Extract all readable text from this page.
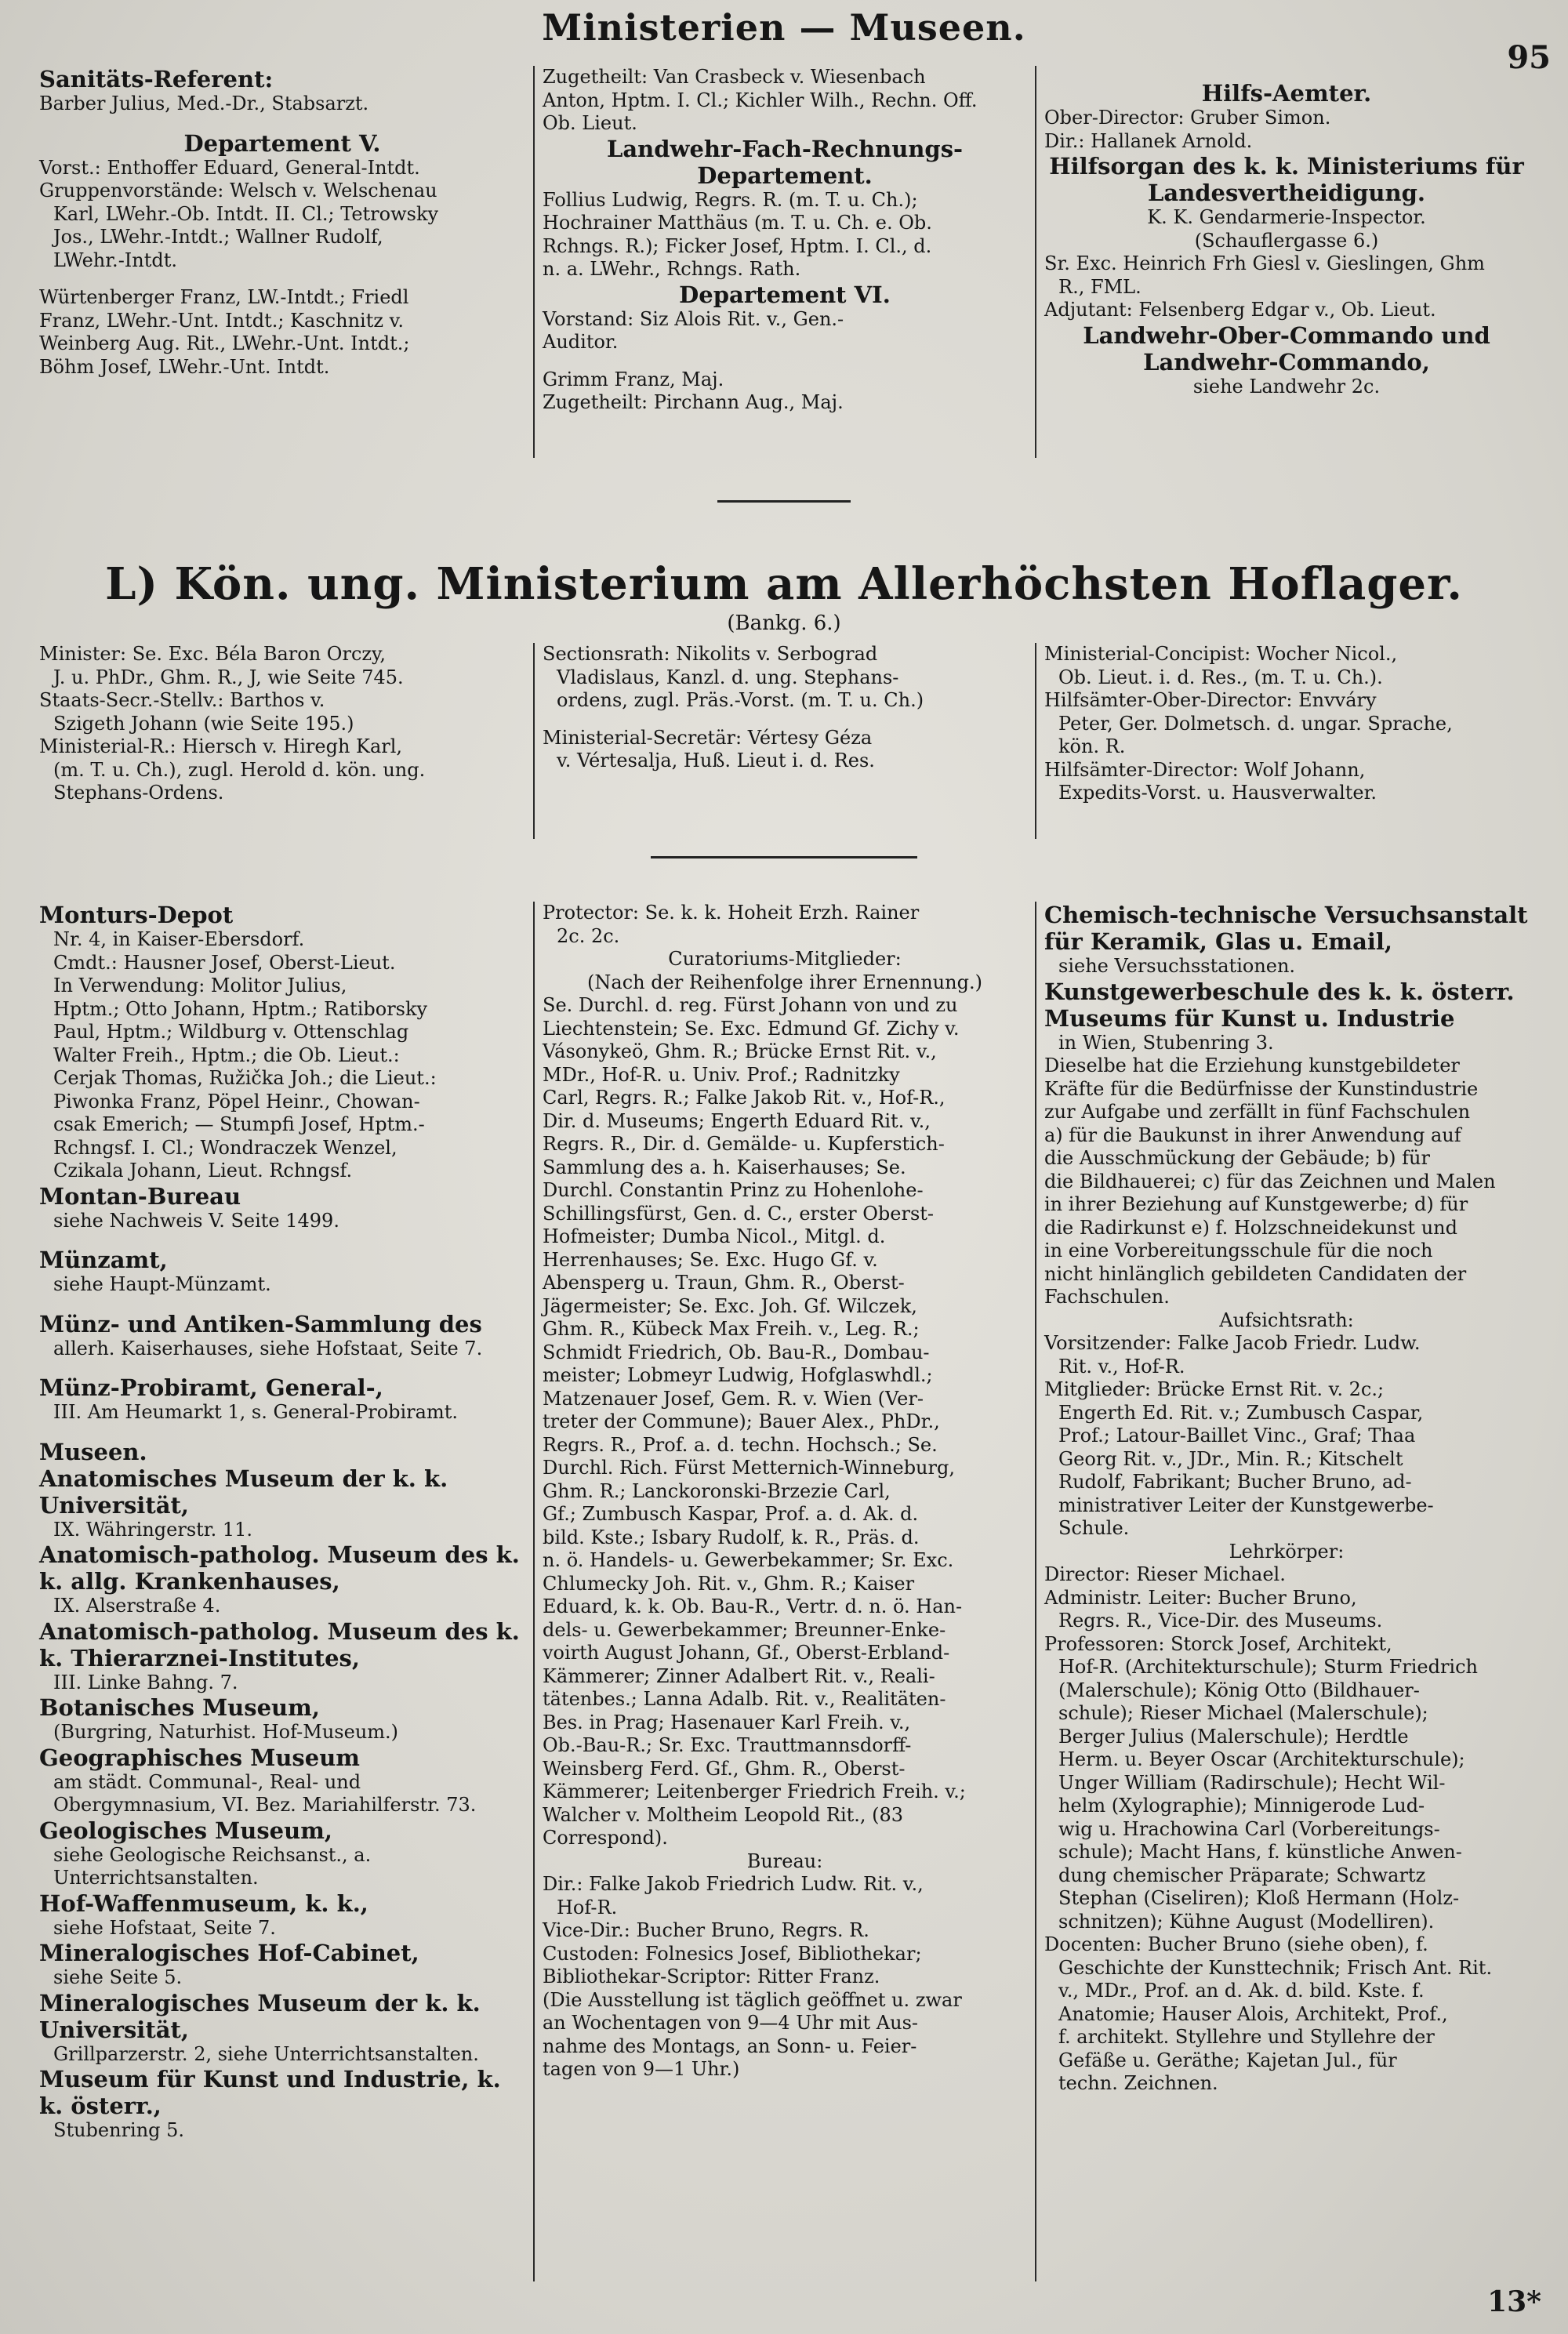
Ministerien — Museen.
95

Sanitäts-Referent:

Barber Julius, Med.-Dr., Stabsarzt.

Departement V.

Vorst.: Enthoffer Eduard, General-Intdt.

Gruppenvorstände: Welsch v. Welschenau

Karl, LWehr.-Ob. Intdt. II. Cl.; Tetrowsky

Jos., LWehr.-Intdt.; Wallner Rudolf,

LWehr.-Intdt.

Würtenberger Franz, LW.-Intdt.; Friedl

Franz, LWehr.-Unt. Intdt.; Kaschnitz v.

Weinberg Aug. Rit., LWehr.-Unt. Intdt.;

Böhm Josef, LWehr.-Unt. Intdt.

Zugetheilt: Van Crasbeck v. Wiesenbach

Anton, Hptm. I. Cl.; Kichler Wilh., Rechn. Off.

Ob. Lieut.

Landwehr-Fach-Rechnungs-Departement.

Follius Ludwig, Regrs. R. (m. T. u. Ch.);

Hochrainer Matthäus (m. T. u. Ch. e. Ob.

Rchngs. R.); Ficker Josef, Hptm. I. Cl., d.

n. a. LWehr., Rchngs. Rath.

Departement VI.

Vorstand: Siz Alois Rit. v., Gen.-

Auditor.

Grimm Franz, Maj.

Zugetheilt: Pirchann Aug., Maj.

Hilfs-Aemter.

Ober-Director: Gruber Simon.

Dir.: Hallanek Arnold.

Hilfsorgan des k. k. Ministeriums für Landesvertheidigung.

K. K. Gendarmerie-Inspector.

(Schauflergasse 6.)

Sr. Exc. Heinrich Frh Giesl v. Gieslingen, Ghm

R., FML.

Adjutant: Felsenberg Edgar v., Ob. Lieut.

Landwehr-Ober-Commando und Landwehr-Commando,

siehe Landwehr 2c.

L) Kön. ung. Ministerium am Allerhöchsten Hoflager.
(Bankg. 6.)

Minister: Se. Exc. Béla Baron Orczy,

J. u. PhDr., Ghm. R., J, wie Seite 745.

Staats-Secr.-Stellv.: Barthos v.

Szigeth Johann (wie Seite 195.)

Ministerial-R.: Hiersch v. Hiregh Karl,

(m. T. u. Ch.), zugl. Herold d. kön. ung.

Stephans-Ordens.

Sectionsrath: Nikolits v. Serbograd

Vladislaus, Kanzl. d. ung. Stephans-

ordens, zugl. Präs.-Vorst. (m. T. u. Ch.)

Ministerial-Secretär: Vértesy Géza

v. Vértesalja, Huß. Lieut i. d. Res.

Ministerial-Concipist: Wocher Nicol.,

Ob. Lieut. i. d. Res., (m. T. u. Ch.).

Hilfsämter-Ober-Director: Envváry

Peter, Ger. Dolmetsch. d. ungar. Sprache,

kön. R.

Hilfsämter-Director: Wolf Johann,

Expedits-Vorst. u. Hausverwalter.

Monturs-Depot

Nr. 4, in Kaiser-Ebersdorf.

Cmdt.: Hausner Josef, Oberst-Lieut.

In Verwendung: Molitor Julius,

Hptm.; Otto Johann, Hptm.; Ratiborsky

Paul, Hptm.; Wildburg v. Ottenschlag

Walter Freih., Hptm.; die Ob. Lieut.:

Cerjak Thomas, Ružička Joh.; die Lieut.:

Piwonka Franz, Pöpel Heinr., Chowan-

csak Emerich; — Stumpfi Josef, Hptm.-

Rchngsf. I. Cl.; Wondraczek Wenzel,

Czikala Johann, Lieut. Rchngsf.

Montan-Bureau

siehe Nachweis V. Seite 1499.

Münzamt,

siehe Haupt-Münzamt.

Münz- und Antiken-Sammlung des

allerh. Kaiserhauses, siehe Hofstaat, Seite 7.

Münz-Probiramt, General-,

III. Am Heumarkt 1, s. General-Probiramt.

Museen.

Anatomisches Museum der k. k. Universität,

IX. Währingerstr. 11.

Anatomisch-patholog. Museum des k. k. allg. Krankenhauses,

IX. Alserstraße 4.

Anatomisch-patholog. Museum des k. k. Thierarznei-Institutes,

III. Linke Bahng. 7.

Botanisches Museum,

(Burgring, Naturhist. Hof-Museum.)

Geographisches Museum

am städt. Communal-, Real- und Obergymnasium, VI. Bez. Mariahilferstr. 73.

Geologisches Museum,

siehe Geologische Reichsanst., a. Unterrichtsanstalten.

Hof-Waffenmuseum, k. k.,

siehe Hofstaat, Seite 7.

Mineralogisches Hof-Cabinet,

siehe Seite 5.

Mineralogisches Museum der k. k. Universität,

Grillparzerstr. 2, siehe Unterrichtsanstalten.

Museum für Kunst und Industrie, k. k. österr.,

Stubenring 5.

Protector: Se. k. k. Hoheit Erzh. Rainer

2c. 2c.

Curatoriums-Mitglieder:

(Nach der Reihenfolge ihrer Ernennung.)

Se. Durchl. d. reg. Fürst Johann von und zu

Liechtenstein; Se. Exc. Edmund Gf. Zichy v.

Vásonykeö, Ghm. R.; Brücke Ernst Rit. v.,

MDr., Hof-R. u. Univ. Prof.; Radnitzky

Carl, Regrs. R.; Falke Jakob Rit. v., Hof-R.,

Dir. d. Museums; Engerth Eduard Rit. v.,

Regrs. R., Dir. d. Gemälde- u. Kupferstich-

Sammlung des a. h. Kaiserhauses; Se.

Durchl. Constantin Prinz zu Hohenlohe-

Schillingsfürst, Gen. d. C., erster Oberst-

Hofmeister; Dumba Nicol., Mitgl. d.

Herrenhauses; Se. Exc. Hugo Gf. v.

Abensperg u. Traun, Ghm. R., Oberst-

Jägermeister; Se. Exc. Joh. Gf. Wilczek,

Ghm. R., Kübeck Max Freih. v., Leg. R.;

Schmidt Friedrich, Ob. Bau-R., Dombau-

meister; Lobmeyr Ludwig, Hofglaswhdl.;

Matzenauer Josef, Gem. R. v. Wien (Ver-

treter der Commune); Bauer Alex., PhDr.,

Regrs. R., Prof. a. d. techn. Hochsch.; Se.

Durchl. Rich. Fürst Metternich-Winneburg,

Ghm. R.; Lanckoronski-Brzezie Carl,

Gf.; Zumbusch Kaspar, Prof. a. d. Ak. d.

bild. Kste.; Isbary Rudolf, k. R., Präs. d.

n. ö. Handels- u. Gewerbekammer; Sr. Exc.

Chlumecky Joh. Rit. v., Ghm. R.; Kaiser

Eduard, k. k. Ob. Bau-R., Vertr. d. n. ö. Han-

dels- u. Gewerbekammer; Breunner-Enke-

voirth August Johann, Gf., Oberst-Erbland-

Kämmerer; Zinner Adalbert Rit. v., Reali-

tätenbes.; Lanna Adalb. Rit. v., Realitäten-

Bes. in Prag; Hasenauer Karl Freih. v.,

Ob.-Bau-R.; Sr. Exc. Trauttmannsdorff-

Weinsberg Ferd. Gf., Ghm. R., Oberst-

Kämmerer; Leitenberger Friedrich Freih. v.;

Walcher v. Moltheim Leopold Rit., (83

Correspond).

Bureau:

Dir.: Falke Jakob Friedrich Ludw. Rit. v.,

Hof-R.

Vice-Dir.: Bucher Bruno, Regrs. R.

Custoden: Folnesics Josef, Bibliothekar;

Bibliothekar-Scriptor: Ritter Franz.

(Die Ausstellung ist täglich geöffnet u. zwar

an Wochentagen von 9—4 Uhr mit Aus-

nahme des Montags, an Sonn- u. Feier-

tagen von 9—1 Uhr.)

Chemisch-technische Versuchsanstalt für Keramik, Glas u. Email,

siehe Versuchsstationen.

Kunstgewerbeschule des k. k. österr. Museums für Kunst u. Industrie

in Wien, Stubenring 3.

Dieselbe hat die Erziehung kunstgebildeter

Kräfte für die Bedürfnisse der Kunstindustrie

zur Aufgabe und zerfällt in fünf Fachschulen

a) für die Baukunst in ihrer Anwendung auf

die Ausschmückung der Gebäude; b) für

die Bildhauerei; c) für das Zeichnen und Malen

in ihrer Beziehung auf Kunstgewerbe; d) für

die Radirkunst e) f. Holzschneidekunst und

in eine Vorbereitungsschule für die noch

nicht hinlänglich gebildeten Candidaten der

Fachschulen.

Aufsichtsrath:

Vorsitzender: Falke Jacob Friedr. Ludw.

Rit. v., Hof-R.

Mitglieder: Brücke Ernst Rit. v. 2c.;

Engerth Ed. Rit. v.; Zumbusch Caspar,

Prof.; Latour-Baillet Vinc., Graf; Thaa

Georg Rit. v., JDr., Min. R.; Kitschelt

Rudolf, Fabrikant; Bucher Bruno, ad-

ministrativer Leiter der Kunstgewerbe-

Schule.

Lehrkörper:

Director: Rieser Michael.

Administr. Leiter: Bucher Bruno,

Regrs. R., Vice-Dir. des Museums.

Professoren: Storck Josef, Architekt,

Hof-R. (Architekturschule); Sturm Friedrich

(Malerschule); König Otto (Bildhauer-

schule); Rieser Michael (Malerschule);

Berger Julius (Malerschule); Herdtle

Herm. u. Beyer Oscar (Architekturschule);

Unger William (Radirschule); Hecht Wil-

helm (Xylographie); Minnigerode Lud-

wig u. Hrachowina Carl (Vorbereitungs-

schule); Macht Hans, f. künstliche Anwen-

dung chemischer Präparate; Schwartz

Stephan (Ciseliren); Kloß Hermann (Holz-

schnitzen); Kühne August (Modelliren).

Docenten: Bucher Bruno (siehe oben), f.

Geschichte der Kunsttechnik; Frisch Ant. Rit.

v., MDr., Prof. an d. Ak. d. bild. Kste. f.

Anatomie; Hauser Alois, Architekt, Prof.,

f. architekt. Styllehre und Styllehre der

Gefäße u. Geräthe; Kajetan Jul., für

techn. Zeichnen.

13*
